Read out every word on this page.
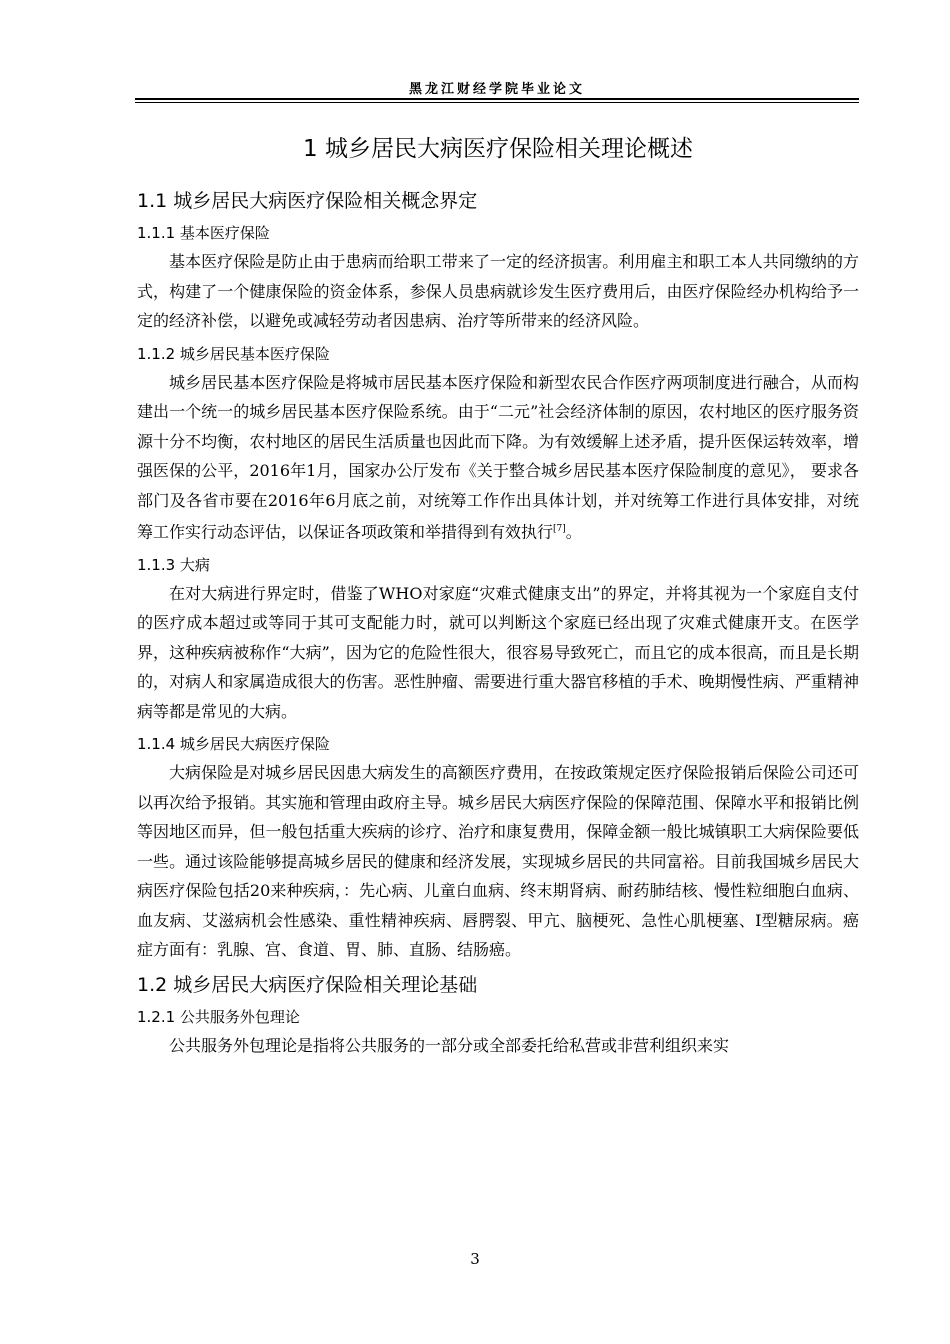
黑龙江财经学院毕业论文
1 城乡居民大病医疗保险相关理论概述
1.1 城乡居民大病医疗保险相关概念界定
1.1.1 基本医疗保险

基本医疗保险是防止由于患病而给职工带来了一定的经济损害。利用雇主和职工本人共同缴纳的方式，构建了一个健康保险的资金体系，参保人员患病就诊发生医疗费用后，由医疗保险经办机构给予一定的经济补偿，以避免或减轻劳动者因患病、治疗等所带来的经济风险。

1.1.2 城乡居民基本医疗保险

城乡居民基本医疗保险是将城市居民基本医疗保险和新型农民合作医疗两项制度进行融合，从而构建出一个统一的城乡居民基本医疗保险系统。由于“二元”社会经济体制的原因，农村地区的医疗服务资源十分不均衡，农村地区的居民生活质量也因此而下降。为有效缓解上述矛盾，提升医保运转效率，增强医保的公平，2016年1月，国家办公厅发布《关于整合城乡居民基本医疗保险制度的意见》， 要求各部门及各省市要在2016年6月底之前，对统筹工作作出具体计划，并对统筹工作进行具体安排，对统筹工作实行动态评估，以保证各项政策和举措得到有效执行[7]。

1.1.3 大病

在对大病进行界定时，借鉴了WHO对家庭“灾难式健康支出”的界定，并将其视为一个家庭自支付的医疗成本超过或等同于其可支配能力时，就可以判断这个家庭已经出现了灾难式健康开支。在医学界，这种疾病被称作“大病”，因为它的危险性很大，很容易导致死亡，而且它的成本很高，而且是长期的，对病人和家属造成很大的伤害。恶性肿瘤、需要进行重大器官移植的手术、晚期慢性病、严重精神病等都是常见的大病。

1.1.4 城乡居民大病医疗保险

大病保险是对城乡居民因患大病发生的高额医疗费用，在按政策规定医疗保险报销后保险公司还可以再次给予报销。其实施和管理由政府主导。城乡居民大病医疗保险的保障范围、保障水平和报销比例等因地区而异，但一般包括重大疾病的诊疗、治疗和康复费用，保障金额一般比城镇职工大病保险要低一些。通过该险能够提高城乡居民的健康和经济发展，实现城乡居民的共同富裕。目前我国城乡居民大病医疗保险包括20来种疾病，：先心病、儿童白血病、终末期肾病、耐药肺结核、慢性粒细胞白血病、血友病、艾滋病机会性感染、重性精神疾病、唇腭裂、甲亢、脑梗死、急性心肌梗塞、I型糖尿病。癌症方面有：乳腺、宫、食道、胃、肺、直肠、结肠癌。

1.2 城乡居民大病医疗保险相关理论基础
1.2.1 公共服务外包理论

公共服务外包理论是指将公共服务的一部分或全部委托给私营或非营利组织来实

3
